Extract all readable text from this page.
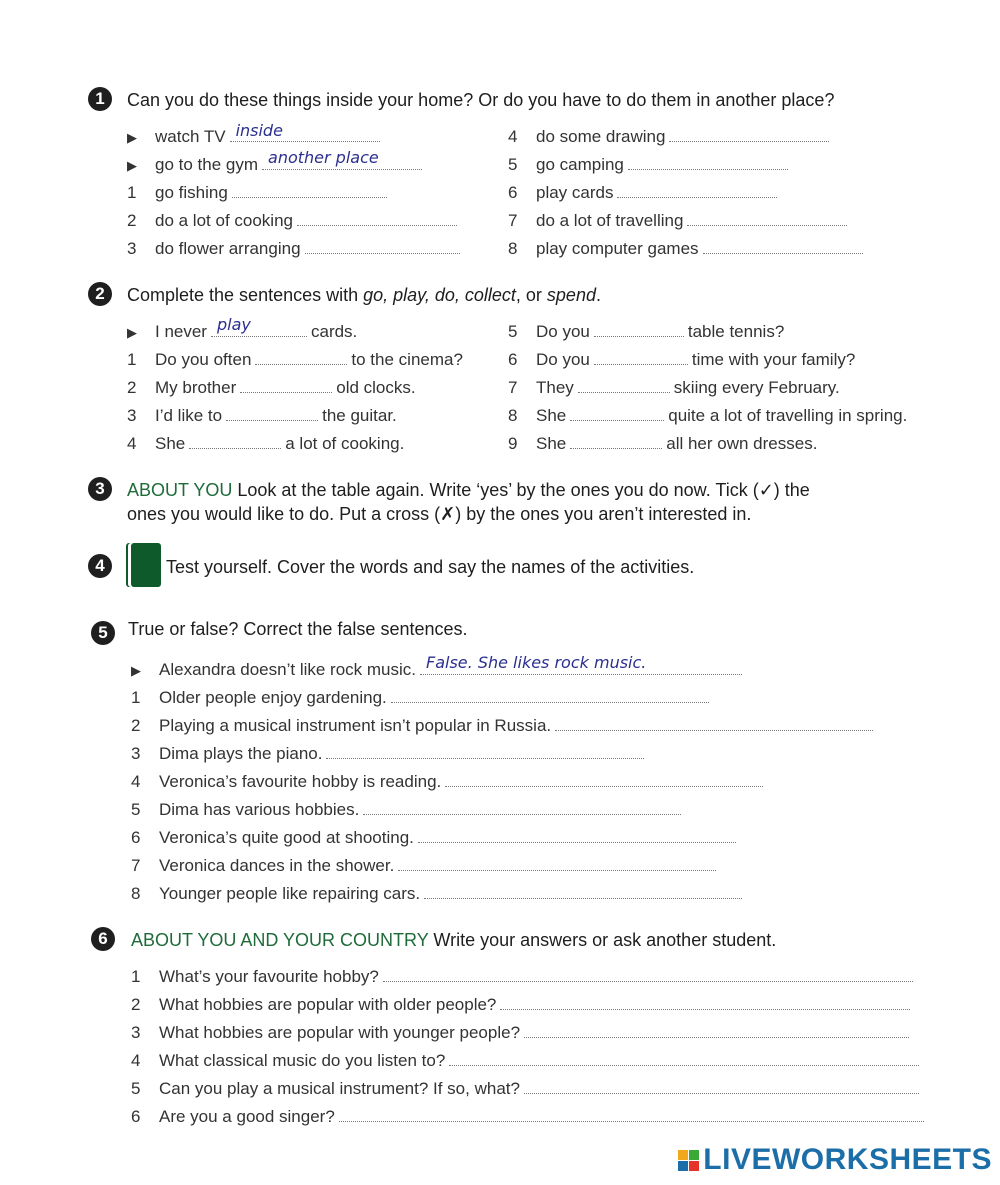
1	Can you do these things inside your home? Or do you have to do them in another place?
▶	watch TV inside
▶	go to the gym another place
1	go fishing
2	do a lot of cooking
3	do flower arranging
4	do some drawing
5	go camping
6	play cards
7	do a lot of travelling
8	play computer games
2	Complete the sentences with go, play, do, collect, or spend.
▶	I never play	cards.
1	Do you often	to the cinema?
2	My brother	old clocks.
3	I’d like to	the guitar.
4	She	a lot of cooking.
5	Do you	table tennis?
6	Do you	time with your family?
7	They	skiing every February.
8	She	quite a lot of travelling in spring.
9	She	all her own dresses.
3	ABOUT YOU Look at the table again. Write ‘yes’ by the ones you do now. Tick (✓) the
ones you would like to do. Put a cross (✗) by the ones you aren’t interested in.
4	Test yourself. Cover the words and say the names of the activities.
5	True or false? Correct the false sentences.
▶	Alexandra doesn’t like rock music. False. She likes rock music.
1	Older people enjoy gardening.
2	Playing a musical instrument isn’t popular in Russia.
3	Dima plays the piano.
4	Veronica’s favourite hobby is reading.
5	Dima has various hobbies.
6	Veronica’s quite good at shooting.
7	Veronica dances in the shower.
8	Younger people like repairing cars.
6	ABOUT YOU AND YOUR COUNTRY Write your answers or ask another student.
1	What’s your favourite hobby?
2	What hobbies are popular with older people?
3	What hobbies are popular with younger people?
4	What classical music do you listen to?
5	Can you play a musical instrument? If so, what?
6	Are you a good singer?
LIVEWORKSHEETS
